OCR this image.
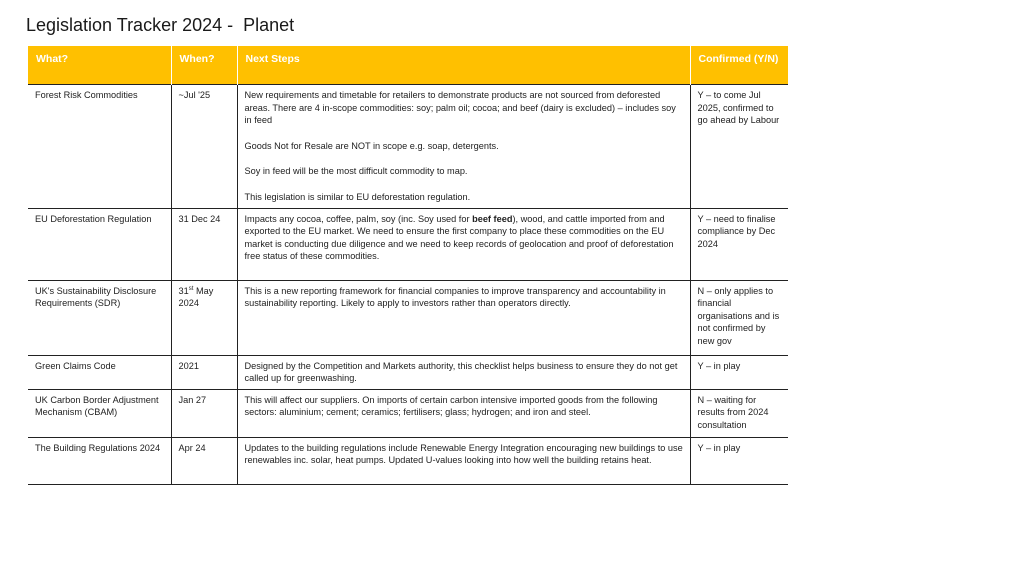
Legislation Tracker 2024 -  Planet
What?	When?	Next Steps	Confirmed (Y/N)
Forest Risk Commodities	~Jul '25	New requirements and timetable for retailers to demonstrate products are not sourced from deforested areas. There are 4 in-scope commodities: soy; palm oil; cocoa; and beef (dairy is excluded) – includes soy in feed

Goods Not for Resale are NOT in scope e.g. soap, detergents.

Soy in feed will be the most difficult commodity to map.

This legislation is similar to EU deforestation regulation.	Y – to come Jul 2025, confirmed to go ahead by Labour
EU Deforestation Regulation	31 Dec 24	Impacts any cocoa, coffee, palm, soy (inc. Soy used for beef feed), wood, and cattle imported from and exported to the EU market. We need to ensure the first company to place these commodities on the EU market is conducting due diligence and we need to keep records of geolocation and proof of deforestation free status of these commodities.	Y – need to finalise compliance by Dec 2024
UK's Sustainability Disclosure Requirements (SDR)	31st May 2024	This is a new reporting framework for financial companies to improve transparency and accountability in sustainability reporting. Likely to apply to investors rather than operators directly.	N – only applies to financial organisations and is not confirmed by new gov
Green Claims Code	2021	Designed by the Competition and Markets authority, this checklist helps business to ensure they do not get called up for greenwashing.	Y – in play
UK Carbon Border Adjustment Mechanism (CBAM)	Jan 27	This will affect our suppliers. On imports of certain carbon intensive imported goods from the following sectors: aluminium; cement; ceramics; fertilisers; glass; hydrogen; and iron and steel.	N – waiting for results from 2024 consultation
The Building Regulations 2024	Apr 24	Updates to the building regulations include Renewable Energy Integration encouraging new buildings to use renewables inc. solar, heat pumps. Updated U-values looking into how well the building retains heat.	Y – in play
